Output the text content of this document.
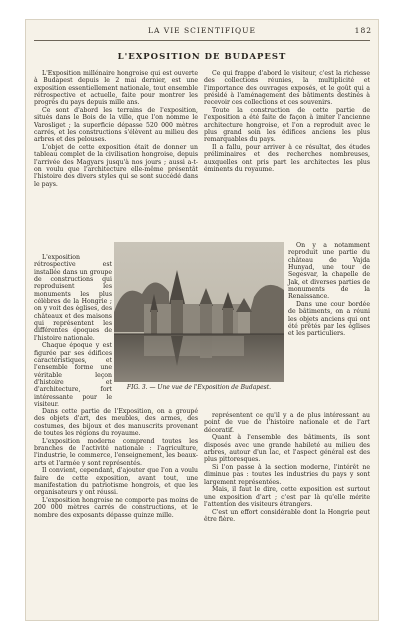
LA VIE SCIENTIFIQUE	182
L'EXPOSITION DE BUDAPEST

L'Exposition millénaire hongroise qui est ouverte à Budapest depuis le 2 mai dernier, est une exposition essentiellement nationale, tout ensemble rétrospective et actuelle, faite pour montrer les progrès du pays depuis mille ans.

Ce sont d'abord les terrains de l'exposition, situés dans le Bois de la ville, que l'on nomme le Varosliget ; la superficie dépasse 520 000 mètres carrés, et les constructions s'élèvent au milieu des arbres et des pelouses.

L'objet de cette exposition était de donner un tableau complet de la civilisation hongroise, depuis l'arrivée des Magyars jusqu'à nos jours ; aussi a-t-on voulu que l'architecture elle-même présentât l'histoire des divers styles qui se sont succédé dans le pays.

Ce qui frappe d'abord le visiteur, c'est la richesse des collections réunies, la multiplicité et l'importance des ouvrages exposés, et le goût qui a présidé à l'aménagement des bâtiments destinés à recevoir ces collections et ces souvenirs.

Toute la construction de cette partie de l'exposition a été faite de façon à imiter l'ancienne architecture hongroise, et l'on a reproduit avec le plus grand soin les édifices anciens les plus remarquables du pays.

Il a fallu, pour arriver à ce résultat, des études préliminaires et des recherches nombreuses, auxquelles ont pris part les architectes les plus éminents du royaume.

L'exposition rétrospective est installée dans un groupe de constructions qui reproduisent les monuments les plus célèbres de la Hongrie ; on y voit des églises, des châteaux et des maisons qui représentent les différentes époques de l'histoire nationale.

Chaque époque y est figurée par ses édifices caractéristiques, et l'ensemble forme une véritable leçon d'histoire et d'architecture, fort intéressante pour le visiteur.

On y a notamment reproduit une partie du château de Vajda Hunyad, une tour de Segesvar, la chapelle de Jak, et diverses parties de monuments de la Renaissance.

Dans une cour bordée de bâtiments, on a réuni les objets anciens qui ont été prêtés par les églises et les particuliers.

FIG. 3. — Une vue de l'Exposition de Budapest.

Dans cette partie de l'Exposition, on a groupé des objets d'art, des meubles, des armes, des costumes, des bijoux et des manuscrits provenant de toutes les régions du royaume.

L'exposition moderne comprend toutes les branches de l'activité nationale : l'agriculture, l'industrie, le commerce, l'enseignement, les beaux-arts et l'armée y sont représentés.

Il convient, cependant, d'ajouter que l'on a voulu faire de cette exposition, avant tout, une manifestation du patriotisme hongrois, et que les organisateurs y ont réussi.

L'exposition hongroise ne comporte pas moins de 200 000 mètres carrés de constructions, et le nombre des exposants dépasse quinze mille.

représentent ce qu'il y a de plus intéressant au point de vue de l'histoire nationale et de l'art décoratif.

Quant à l'ensemble des bâtiments, ils sont disposés avec une grande habileté au milieu des arbres, autour d'un lac, et l'aspect général est des plus pittoresques.

Si l'on passe à la section moderne, l'intérêt ne diminue pas : toutes les industries du pays y sont largement représentées.

Mais, il faut le dire, cette exposition est surtout une exposition d'art ; c'est par là qu'elle mérite l'attention des visiteurs étrangers.

C'est un effort considérable dont la Hongrie peut être fière.
